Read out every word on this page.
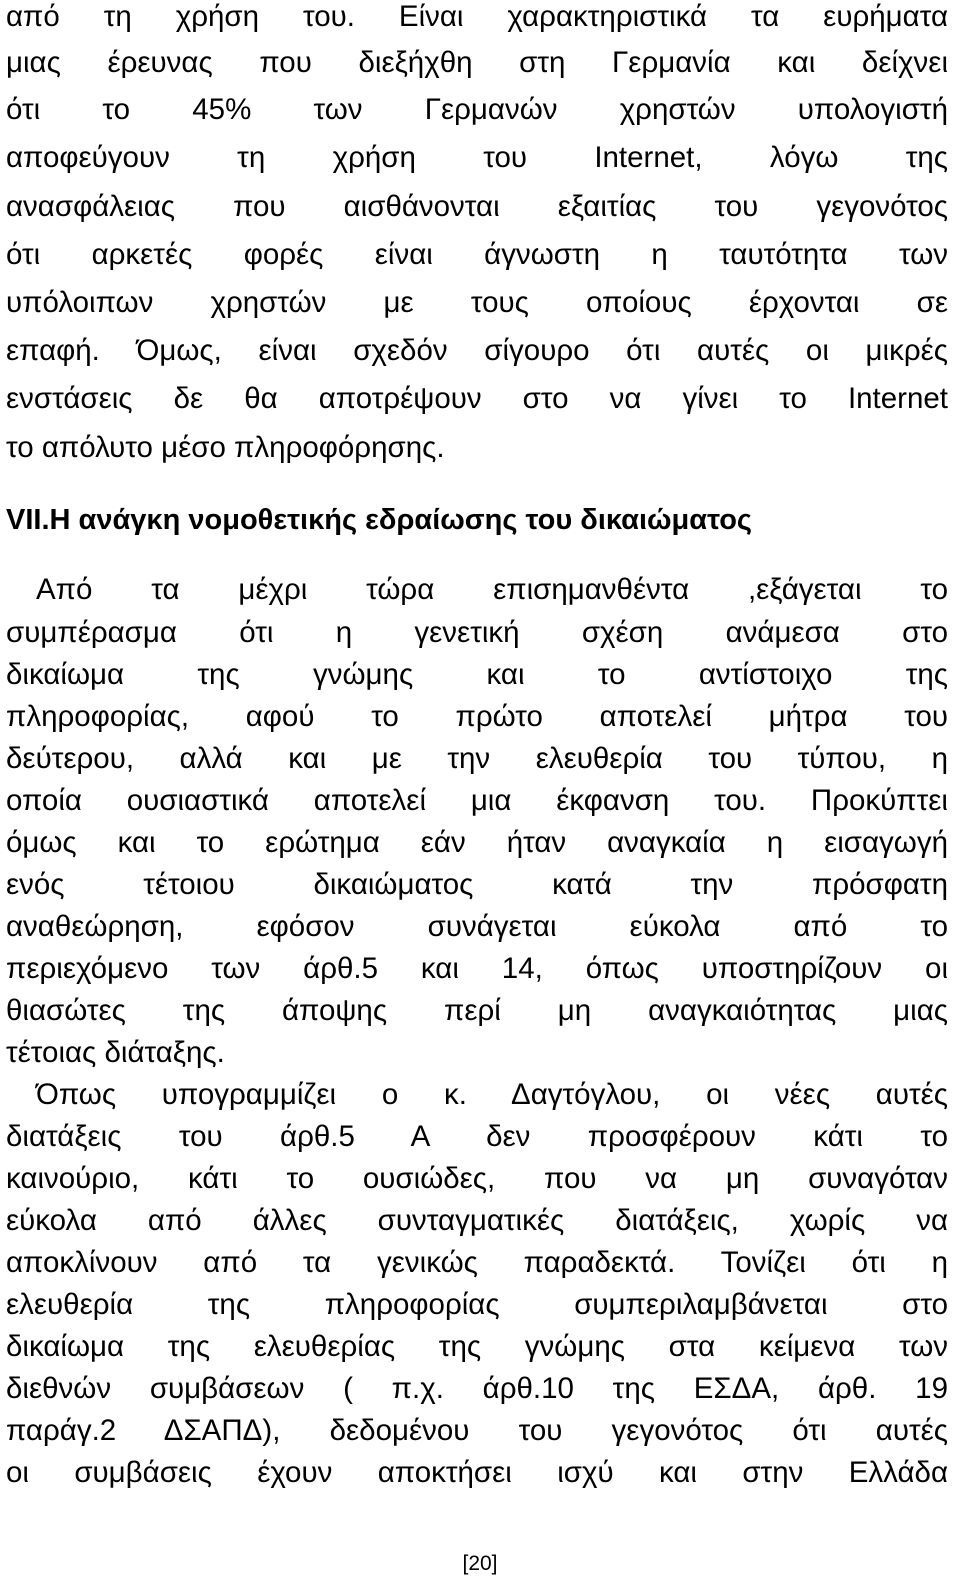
από τη χρήση του. Είναι χαρακτηριστικά τα ευρήματα
μιας έρευνας που διεξήχθη στη Γερμανία και δείχνει
ότι το 45% των Γερμανών χρηστών υπολογιστή
αποφεύγουν τη χρήση του Internet, λόγω της
ανασφάλειας που αισθάνονται εξαιτίας του γεγονότος
ότι αρκετές φορές είναι άγνωστη η ταυτότητα των
υπόλοιπων χρηστών με τους οποίους έρχονται σε
επαφή. Όμως, είναι σχεδόν σίγουρο ότι αυτές οι μικρές
ενστάσεις δε θα αποτρέψουν στο να γίνει το Internet
το απόλυτο μέσο πληροφόρησης.
VII.Η ανάγκη νομοθετικής εδραίωσης του δικαιώματος
Από τα μέχρι τώρα επισημανθέντα ,εξάγεται το
συμπέρασμα ότι η γενετική σχέση ανάμεσα στο
δικαίωμα της γνώμης και το αντίστοιχο της
πληροφορίας, αφού το πρώτο αποτελεί μήτρα του
δεύτερου, αλλά και με την ελευθερία του τύπου, η
οποία ουσιαστικά αποτελεί μια έκφανση του. Προκύπτει
όμως και το ερώτημα εάν ήταν αναγκαία η εισαγωγή
ενός τέτοιου δικαιώματος κατά την πρόσφατη
αναθεώρηση, εφόσον συνάγεται εύκολα από το
περιεχόμενο των άρθ.5 και 14, όπως υποστηρίζουν οι
θιασώτες της άποψης περί μη αναγκαιότητας μιας
τέτοιας διάταξης.
Όπως υπογραμμίζει ο κ. Δαγτόγλου, οι νέες αυτές
διατάξεις του άρθ.5 Α δεν προσφέρουν κάτι το
καινούριο, κάτι το ουσιώδες, που να μη συναγόταν
εύκολα από άλλες συνταγματικές διατάξεις, χωρίς να
αποκλίνουν από τα γενικώς παραδεκτά. Τονίζει ότι η
ελευθερία της πληροφορίας συμπεριλαμβάνεται στο
δικαίωμα της ελευθερίας της γνώμης στα κείμενα των
διεθνών συμβάσεων ( π.χ. άρθ.10 της ΕΣΔΑ, άρθ. 19
παράγ.2 ΔΣΑΠΔ), δεδομένου του γεγονότος ότι αυτές
οι συμβάσεις έχουν αποκτήσει ισχύ και στην Ελλάδα
[20]
